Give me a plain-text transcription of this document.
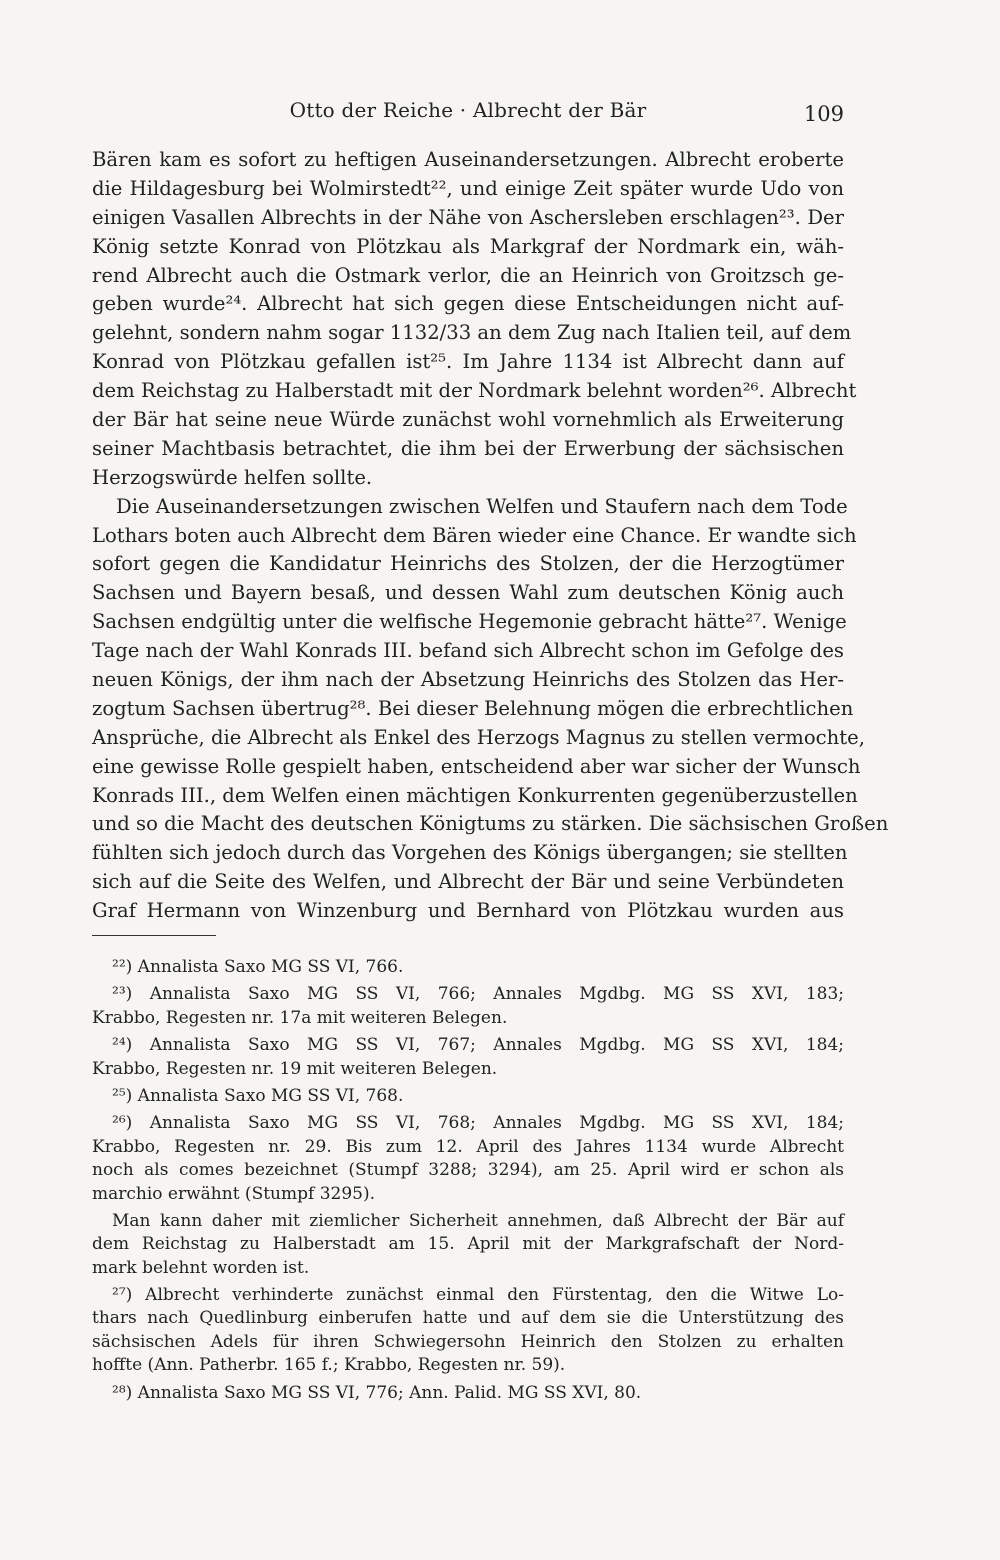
Otto der Reiche · Albrecht der Bär	109
Bären kam es sofort zu heftigen Auseinandersetzungen. Albrecht eroberte
die Hildagesburg bei Wolmirstedt²², und einige Zeit später wurde Udo von
einigen Vasallen Albrechts in der Nähe von Aschersleben erschlagen²³. Der
König setzte Konrad von Plötzkau als Markgraf der Nordmark ein, wäh-
rend Albrecht auch die Ostmark verlor, die an Heinrich von Groitzsch ge-
geben wurde²⁴. Albrecht hat sich gegen diese Entscheidungen nicht auf-
gelehnt, sondern nahm sogar 1132/33 an dem Zug nach Italien teil, auf dem
Konrad von Plötzkau gefallen ist²⁵. Im Jahre 1134 ist Albrecht dann auf
dem Reichstag zu Halberstadt mit der Nordmark belehnt worden²⁶. Albrecht
der Bär hat seine neue Würde zunächst wohl vornehmlich als Erweiterung
seiner Machtbasis betrachtet, die ihm bei der Erwerbung der sächsischen
Herzogswürde helfen sollte.
Die Auseinandersetzungen zwischen Welfen und Staufern nach dem Tode
Lothars boten auch Albrecht dem Bären wieder eine Chance. Er wandte sich
sofort gegen die Kandidatur Heinrichs des Stolzen, der die Herzogtümer
Sachsen und Bayern besaß, und dessen Wahl zum deutschen König auch
Sachsen endgültig unter die welfische Hegemonie gebracht hätte²⁷. Wenige
Tage nach der Wahl Konrads III. befand sich Albrecht schon im Gefolge des
neuen Königs, der ihm nach der Absetzung Heinrichs des Stolzen das Her-
zogtum Sachsen übertrug²⁸. Bei dieser Belehnung mögen die erbrechtlichen
Ansprüche, die Albrecht als Enkel des Herzogs Magnus zu stellen vermochte,
eine gewisse Rolle gespielt haben, entscheidend aber war sicher der Wunsch
Konrads III., dem Welfen einen mächtigen Konkurrenten gegenüberzustellen
und so die Macht des deutschen Königtums zu stärken. Die sächsischen Großen
fühlten sich jedoch durch das Vorgehen des Königs übergangen; sie stellten
sich auf die Seite des Welfen, und Albrecht der Bär und seine Verbündeten
Graf Hermann von Winzenburg und Bernhard von Plötzkau wurden aus
²²) Annalista Saxo MG SS VI, 766.
²³) Annalista Saxo MG SS VI, 766; Annales Mgdbg. MG SS XVI, 183;
Krabbo, Regesten nr. 17a mit weiteren Belegen.
²⁴) Annalista Saxo MG SS VI, 767; Annales Mgdbg. MG SS XVI, 184;
Krabbo, Regesten nr. 19 mit weiteren Belegen.
²⁵) Annalista Saxo MG SS VI, 768.
²⁶) Annalista Saxo MG SS VI, 768; Annales Mgdbg. MG SS XVI, 184;
Krabbo, Regesten nr. 29. Bis zum 12. April des Jahres 1134 wurde Albrecht
noch als comes bezeichnet (Stumpf 3288; 3294), am 25. April wird er schon als
marchio erwähnt (Stumpf 3295).
Man kann daher mit ziemlicher Sicherheit annehmen, daß Albrecht der Bär auf
dem Reichstag zu Halberstadt am 15. April mit der Markgrafschaft der Nord-
mark belehnt worden ist.
²⁷) Albrecht verhinderte zunächst einmal den Fürstentag, den die Witwe Lo-
thars nach Quedlinburg einberufen hatte und auf dem sie die Unterstützung des
sächsischen Adels für ihren Schwiegersohn Heinrich den Stolzen zu erhalten
hoffte (Ann. Patherbr. 165 f.; Krabbo, Regesten nr. 59).
²⁸) Annalista Saxo MG SS VI, 776; Ann. Palid. MG SS XVI, 80.
